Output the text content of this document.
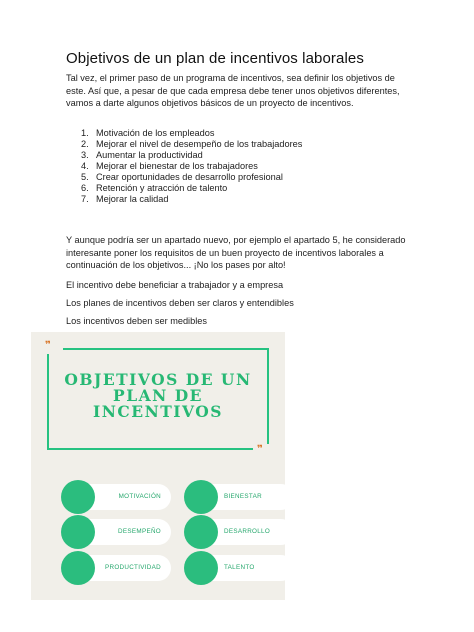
Objetivos de un plan de incentivos laborales

Tal vez, el primer paso de un programa de incentivos, sea definir los objetivos de este. Así que, a pesar de que cada empresa debe tener unos objetivos diferentes, vamos a darte algunos objetivos básicos de un proyecto de incentivos.

1. Motivación de los empleados
2. Mejorar el nivel de desempeño de los trabajadores
3. Aumentar la productividad
4. Mejorar el bienestar de los trabajadores
5. Crear oportunidades de desarrollo profesional
6. Retención y atracción de talento
7. Mejorar la calidad

Y aunque podría ser un apartado nuevo, por ejemplo el apartado 5, he considerado interesante poner los requisitos de un buen proyecto de incentivos laborales a continuación de los objetivos... ¡No los pases por alto!

El incentivo debe beneficiar a trabajador y a empresa

Los planes de incentivos deben ser claros y entendibles

Los incentivos deben ser medibles

❞
❞
OBJETIVOS DE UN
PLAN DE INCENTIVOS
MOTIVACIÓN
DESEMPEÑO
PRODUCTIVIDAD
BIENESTAR
DESARROLLO
TALENTO
